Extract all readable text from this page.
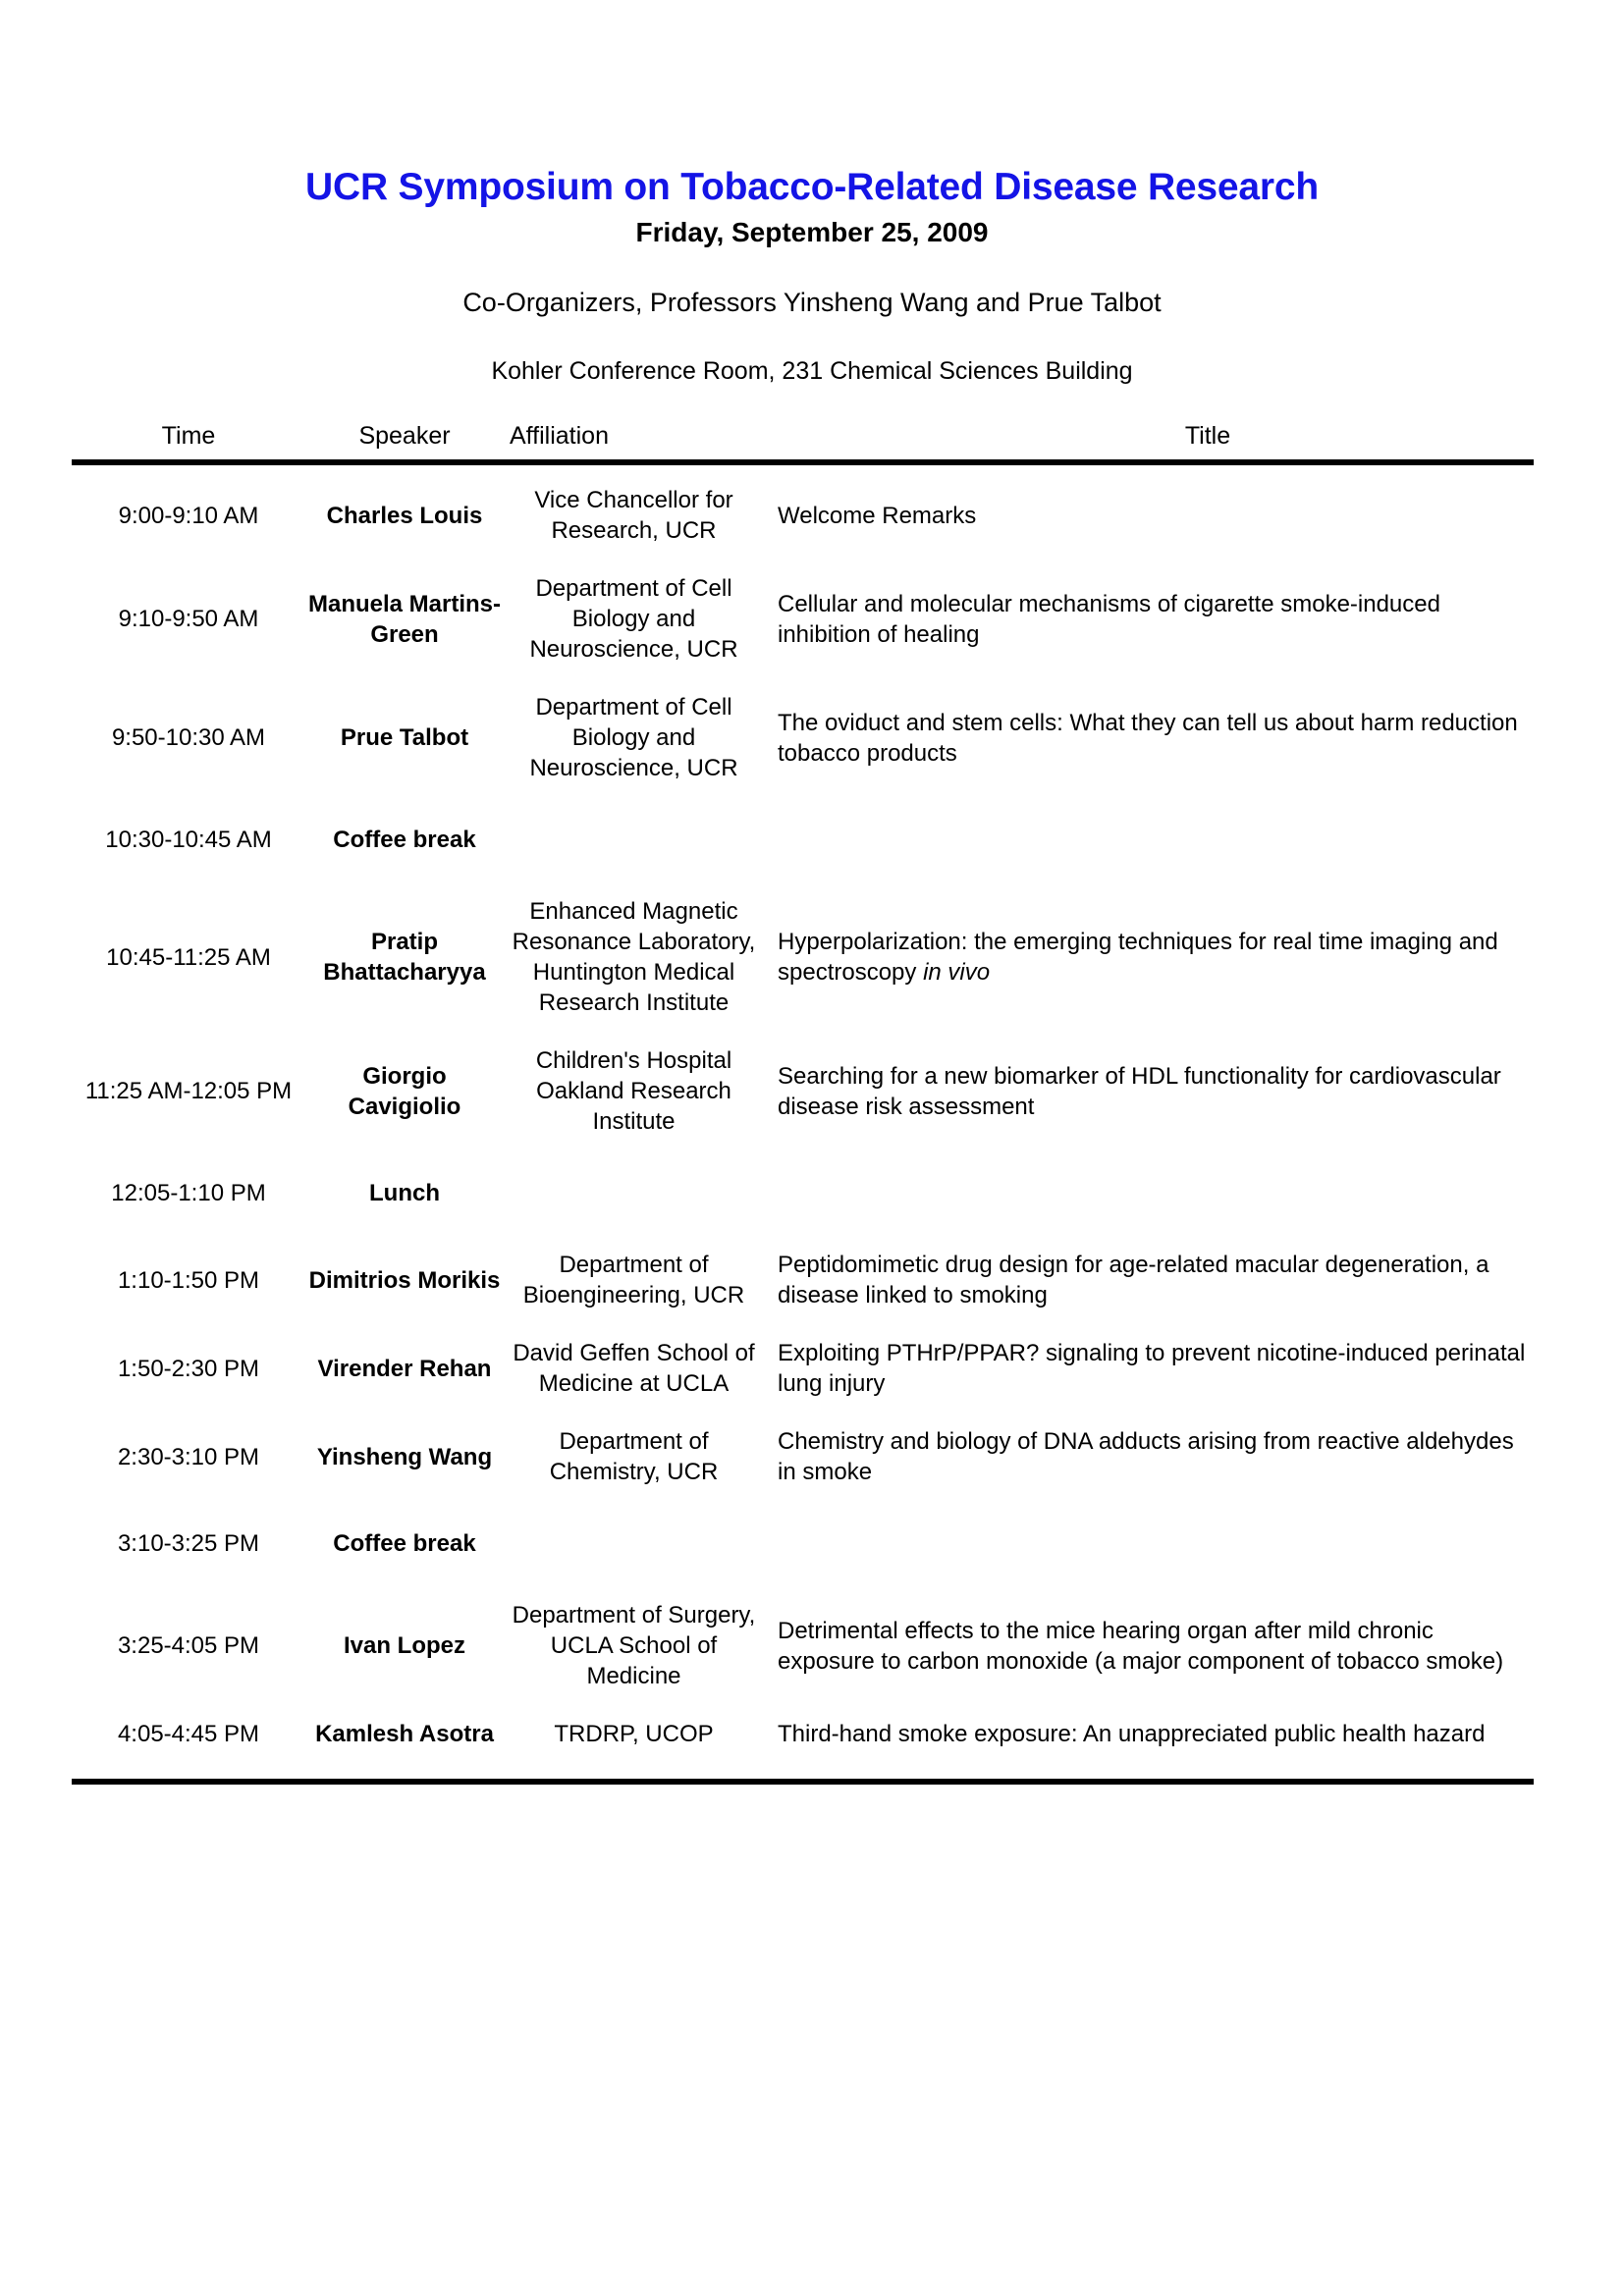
UCR Symposium on Tobacco-Related Disease Research
Friday, September 25, 2009
Co-Organizers, Professors Yinsheng Wang and Prue Talbot
Kohler Conference Room, 231 Chemical Sciences Building
Time	Speaker	Affiliation	Title

9:00-9:10 AM	Charles Louis	Vice Chancellor for Research, UCR	Welcome Remarks
9:10-9:50 AM	Manuela Martins-Green	Department of Cell Biology and Neuroscience, UCR	Cellular and molecular mechanisms of cigarette smoke-induced inhibition of healing
9:50-10:30 AM	Prue Talbot	Department of Cell Biology and Neuroscience, UCR	The oviduct and stem cells: What they can tell us about harm reduction tobacco products
10:30-10:45 AM	Coffee break		
10:45-11:25 AM	Pratip Bhattacharyya	Enhanced Magnetic Resonance Laboratory, Huntington Medical Research Institute	Hyperpolarization: the emerging techniques for real time imaging and spectroscopy in vivo
11:25 AM-12:05 PM	Giorgio Cavigiolio	Children's Hospital Oakland Research Institute	Searching for a new biomarker of HDL functionality for cardiovascular disease risk assessment
12:05-1:10 PM	Lunch		
1:10-1:50 PM	Dimitrios Morikis	Department of Bioengineering, UCR	Peptidomimetic drug design for age-related macular degeneration, a disease linked to smoking
1:50-2:30 PM	Virender Rehan	David Geffen School of Medicine at UCLA	Exploiting PTHrP/PPAR? signaling to prevent nicotine-induced perinatal lung injury
2:30-3:10 PM	Yinsheng Wang	Department of Chemistry, UCR	Chemistry and biology of DNA adducts arising from reactive aldehydes in smoke
3:10-3:25 PM	Coffee break		
3:25-4:05 PM	Ivan Lopez	Department of Surgery, UCLA School of Medicine	Detrimental effects to the mice hearing organ after mild chronic exposure to carbon monoxide (a major component of tobacco smoke)
4:05-4:45 PM	Kamlesh Asotra	TRDRP, UCOP	Third-hand smoke exposure: An unappreciated public health hazard
